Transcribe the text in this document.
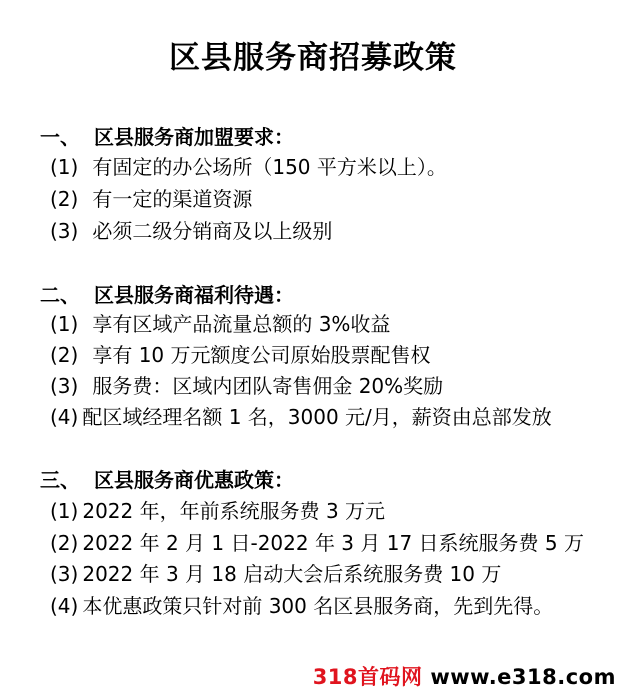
区县服务商招募政策
一、 区县服务商加盟要求：
(1) 有固定的办公场所（150 平方米以上）。
(2) 有一定的渠道资源
(3) 必须二级分销商及以上级别
二、 区县服务商福利待遇：
(1) 享有区域产品流量总额的 3%收益
(2) 享有 10 万元额度公司原始股票配售权
(3) 服务费：区域内团队寄售佣金 20%奖励
(4) 配区域经理名额 1 名，3000 元/月，薪资由总部发放
三、 区县服务商优惠政策：
(1) 2022 年，年前系统服务费 3 万元
(2) 2022 年 2 月 1 日-2022 年 3 月 17 日系统服务费 5 万
(3) 2022 年 3 月 18 启动大会后系统服务费 10 万
(4) 本优惠政策只针对前 300 名区县服务商，先到先得。
318首码网 www.e318.com
